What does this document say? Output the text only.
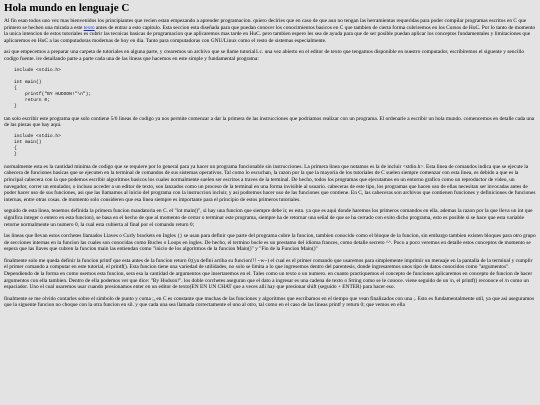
Hola mundo en lenguaje C

Al fin esan todos uno vez mas bienvenidos los principiantes que recien estan empezando a aprender programacion. quiero deciries que en caso de que aun no tengan las herramientas requeridas para poder compilar programas escritos en C que primero se hechen una mirada a este texto antes de entrar a esto capitulo. Esta seccion esta diseñada para que puedan conocer los conocimientos basicos en C que tambien de cierta forma cubriremos en los Cursos de HuC. Por lo tanto de momento la unica intencion de estos tutoriales es cubrir las tecnicas basicas de programacion que aplicaremos mas tarde en HuC. pero tambien espero les sea de ayuda para que de ser posible puedan aplicar los conceptos fundamentales y limitaciones que aplicaremos en HuC a las computadoras modernas de hoy en dia. Tanto para computadoras con GNU/Linux como el resto de sistemas especialmente.

asi que empecemos a preparar una carpeta de tutoriales en alguna parte, y crearemos un archivo que se llame tutorial1.c. una vez abierto en el editor de texto que tengamos disponible en nuestro computador, escribiremos el siguente y sencillo codigo fuente. ire detallando parte a parte cada una de las lineas que hacemos en este simple y fundamental programa:

include <stdio.h>

int main()
{
printf("BY HUDSON!"\n");
return 0;
}

tan solo escribir este programa que solo contiene 5/6 lineas de codigo ya nos permite comenzar a dar la primera de las instrucciones que podriamos realizar con un programa. El ordenarle a escribir un hola mundo. comencemos en detalle cada una de las piezas que hay aqui.

include <stdio.h>
int main()
{
}

normalmente esta es la cantidad minima de codigo que se requiere por lo general para ya hacer un programa funcionable sin instrucciones. La primera linea que notamos es la de incluir <stdio.h>. Esta linea de comandos indica que se ejecute la cabecera de funciones basicas que se ejecuten en la terminal de comandos de sus sistemas operativos. Tal como lo escuchan, la razon por la que la mayoria de los tutoriales de C suelen siempre comenzar con esta linea, es debido a que es la principal cabecera con la que podemos escribir algoritmos basicos los cuales normalmente suelen ser escritos a traves de la terminal. De hecho, todos los programas que ejecutamos en un entorno grafico como un reproductor de video, un navegador, correr un emulador, o incluso acceder a un editor de texto, son lanzados como un proceso de la terminal en una forma invisible al usuario. cabeceras de este tipo, los programas que hacen uso de ellas necesitan ser invocadas antes de poder hacer uso de sus funciones, asi que las llamamos al inicio del programa con la instruccion incluir, y asi podremos hacer uso de las funciones que contiene. En C, las cabeceras son archivos que contienen funciones y definiciones de funciones internas, entre otras cosas. de momento solo consideren que esa linea siempre es importante para el principio de estos primeros tutoriales.

seguido de esta linea, tenemos definida la primera funcion mandatoria en C. el "int main()", si hay una funcion que siempre debe ir, es esta. ya que es aqui donde haremos los primeros comandos en ella. ademas la razon por la que lleva un int que significa integer o entero en esta funcion), se basa en el hecho de que al momento de cerrar o terminar este programa, siempre ha de retornar una señal de que se ha cerrado con exito dicho programa, esto es posible si se hace que esta variable retorne normalmente un numero 0, la cual esta cubierta al final por el comando return 0;

las lineas que llevan estos corchetes llamados Llaves o Curly brackets en Ingles {} se usan para definir que parte del programa cubre la funcion, tambien conocido como el bloque de la funcion, sin embargo tambien existen bloques para otro grupo de secciones internas en la funcion las cuales son conocidas como Bucles o Loops en ingles. De hecho, el termino bucle es un prestamo del idioma frances, como detalle secreto ^^. Poco a poco veremos en detalle estos conceptos de momento se espera que las llaves que cubren la funcion main las entiendan como "inicio de los algoritmos de la funcion Main()" y "Fin de la Funcion Main()"

finalmente solo me queda definir la funcion printf que esta antes de la funcion return 0;(ya defini arriba su funcion!!! ~w~) el cual es el primer comando que usaremos para simplemente imprimir un mensaje en la pantalla de la terminal y cumplir el primer comando a computar en este tutorial, el printf(). Esta funcion tiene una variedad de utilidades, no solo se limita a lo que ingresemos dentro del parentesis, donde ingresaremos unos tipo de datos conocidos como "argumentos". Dependiendo de la forma en como usemos esta funcion, sera esa la cantidad de argumentos que insertaremos en el. Tales como un texto o un numero. en cuanto practiquemos el concepto de funciones aplicaremos en concepto de funcion de hacer argumentos con ella tambien. Dentro de ella podemos ver que dice: "By Hudson!". los doble corchetes aseguran que el dato a ingresar es una cadena de texto o String como se le conoce. viene seguido de un \n, el printf() reconoce el /n como un espaciador. Uno el cual usaremos usar cuando presionamos enter en un editor de texto(EN EN UN CHAT que a veces alli hay que presionar shift (seguido + ENTER) para hacer eso.

finalmente se me olvido contarles sobre el simbolo de punto y coma ;, en C es constante que muchas de las funciones y algoritmos que escribamos en el tiempo que vean finalizados con una ;. Esto es fundamentalmente util, ya que asi aseguramos que la siguente funcion no choque con la otra funcion en sil. y que cada una sea llamada correctamente el uno al otro, tal como en el caso de las lineas printf y return 0; que vemos en ella
